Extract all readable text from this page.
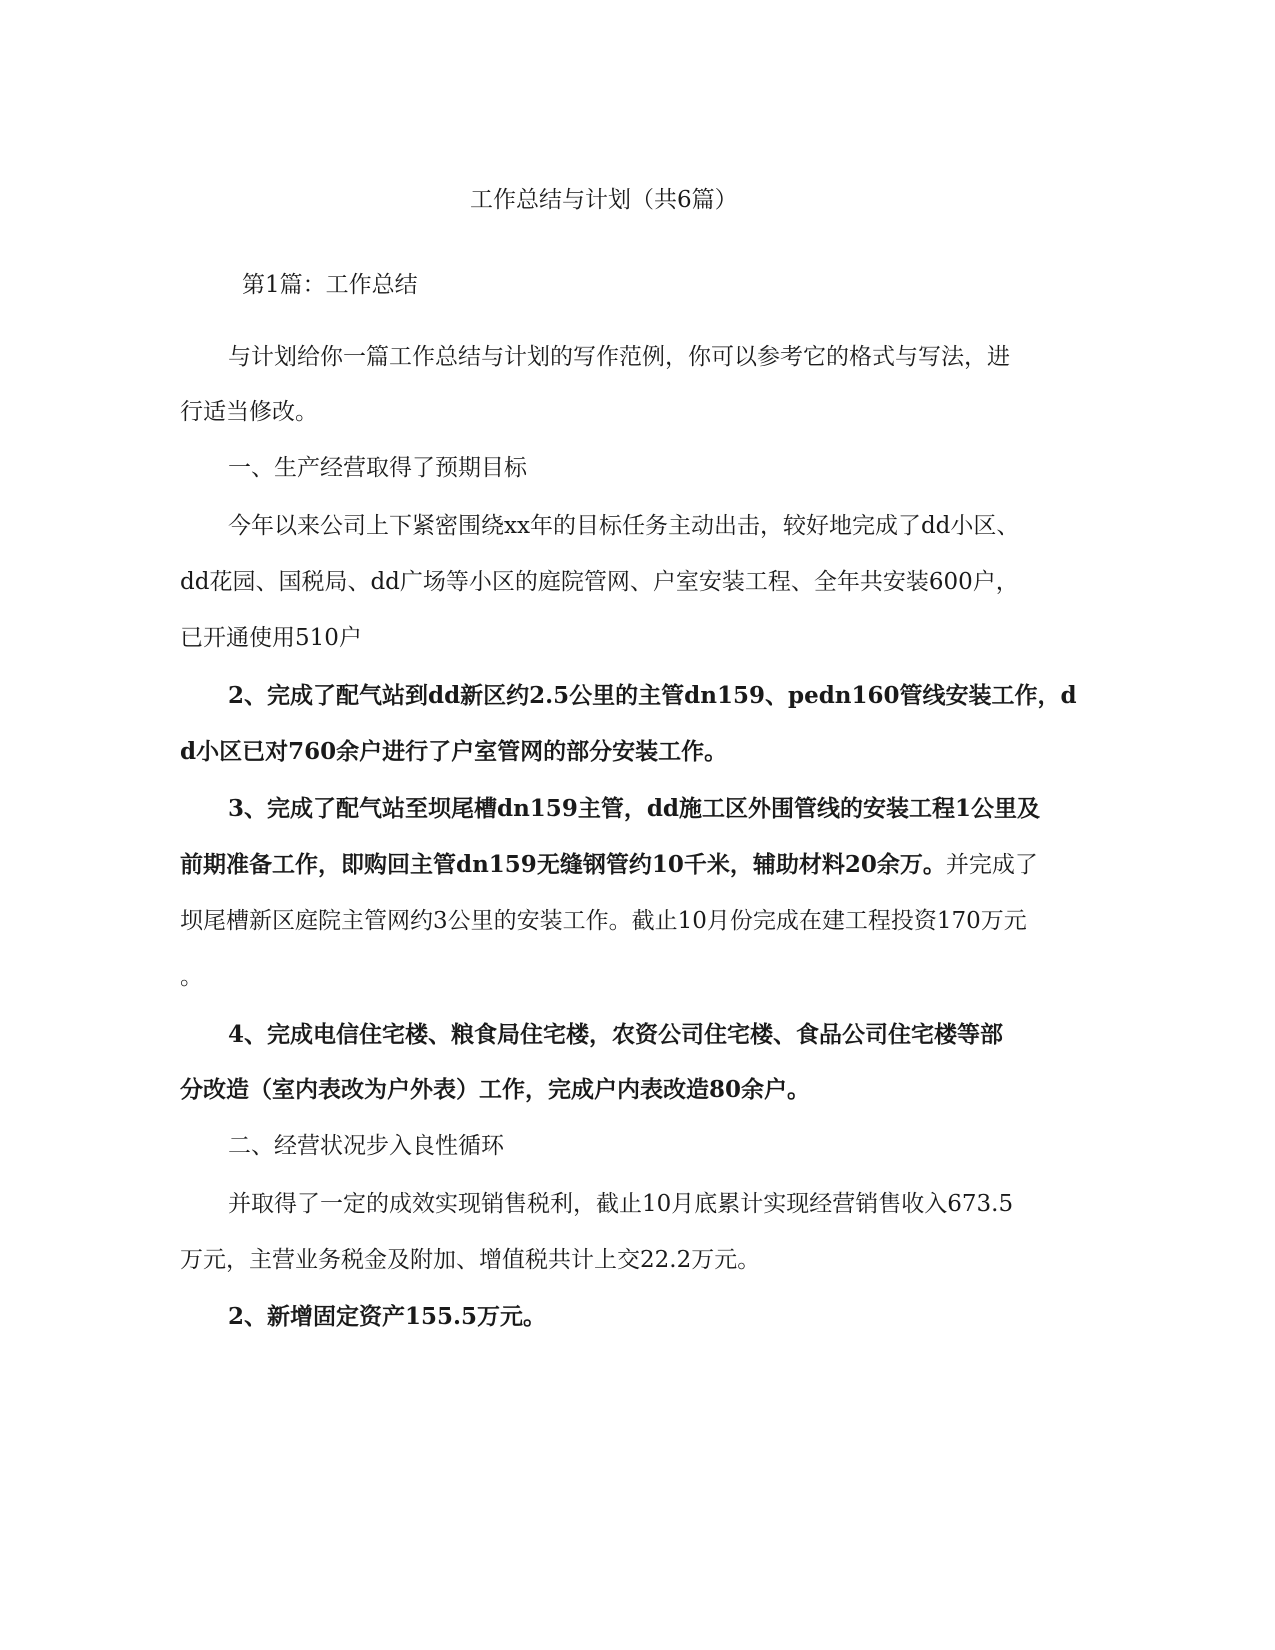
工作总结与计划（共6篇）
第1篇：工作总结
与计划给你一篇工作总结与计划的写作范例，你可以参考它的格式与写法，进
行适当修改。
一、生产经营取得了预期目标
今年以来公司上下紧密围绕xx年的目标任务主动出击，较好地完成了dd小区、
dd花园、国税局、dd广场等小区的庭院管网、户室安装工程、全年共安装600户，
已开通使用510户
2、完成了配气站到dd新区约2.5公里的主管dn159、pedn160管线安装工作，d
d小区已对760余户进行了户室管网的部分安装工作。
3、完成了配气站至坝尾槽dn159主管，dd施工区外围管线的安装工程1公里及
前期准备工作，即购回主管dn159无缝钢管约10千米，辅助材料20余万。并完成了
坝尾槽新区庭院主管网约3公里的安装工作。截止10月份完成在建工程投资170万元
。
4、完成电信住宅楼、粮食局住宅楼，农资公司住宅楼、食品公司住宅楼等部
分改造（室内表改为户外表）工作，完成户内表改造80余户。
二、经营状况步入良性循环
并取得了一定的成效实现销售税利，截止10月底累计实现经营销售收入673.5
万元，主营业务税金及附加、增值税共计上交22.2万元。
2、新增固定资产155.5万元。
